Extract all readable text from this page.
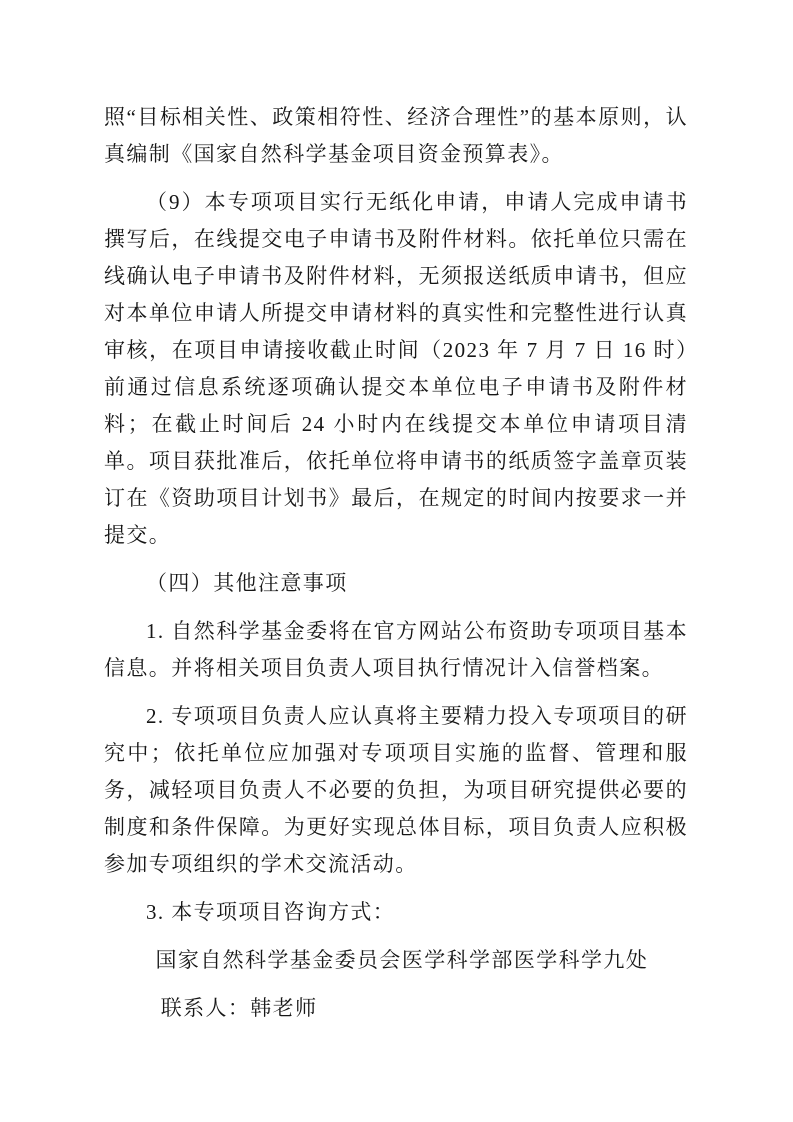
照“目标相关性、政策相符性、经济合理性”的基本原则，认真编制《国家自然科学基金项目资金预算表》。

（9）本专项项目实行无纸化申请，申请人完成申请书撰写后，在线提交电子申请书及附件材料。依托单位只需在线确认电子申请书及附件材料，无须报送纸质申请书，但应对本单位申请人所提交申请材料的真实性和完整性进行认真审核，在项目申请接收截止时间（2023 年 7 月 7 日 16 时）前通过信息系统逐项确认提交本单位电子申请书及附件材料；在截止时间后 24 小时内在线提交本单位申请项目清单。项目获批准后，依托单位将申请书的纸质签字盖章页装订在《资助项目计划书》最后，在规定的时间内按要求一并提交。

（四）其他注意事项

1. 自然科学基金委将在官方网站公布资助专项项目基本信息。并将相关项目负责人项目执行情况计入信誉档案。

2. 专项项目负责人应认真将主要精力投入专项项目的研究中；依托单位应加强对专项项目实施的监督、管理和服务，减轻项目负责人不必要的负担，为项目研究提供必要的制度和条件保障。为更好实现总体目标，项目负责人应积极参加专项组织的学术交流活动。

3. 本专项项目咨询方式：

国家自然科学基金委员会医学科学部医学科学九处

联系人：韩老师
